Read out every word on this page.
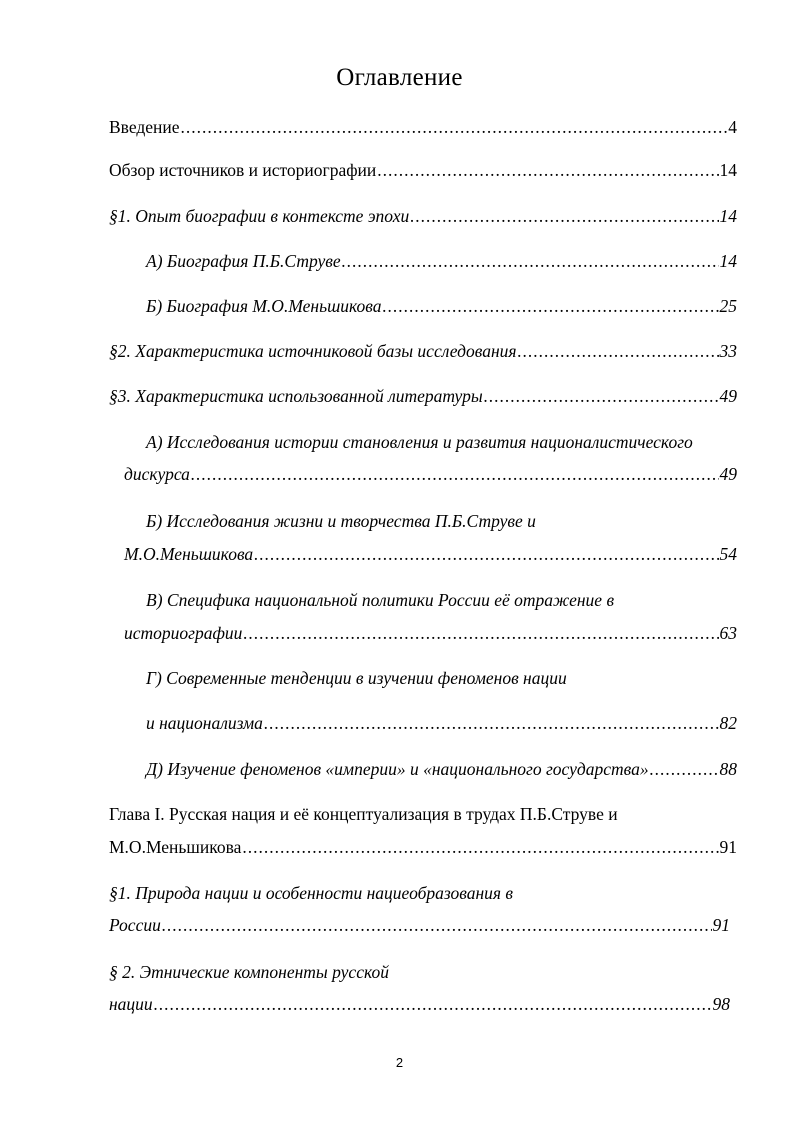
Оглавление
Введение .....	4
Обзор источников и историографии .....	14
§1. Опыт биографии в контексте эпохи .....	14
А) Биография П.Б.Струве .....	14
Б) Биография М.О.Меньшикова .....	25
§2. Характеристика источниковой базы исследования .....	33
§3. Характеристика использованной литературы .....	49
А) Исследования истории становления и развития националистического
дискурса .....	49
Б) Исследования жизни и творчества П.Б.Струве и
М.О.Меньшикова .....	54
В) Специфика национальной политики России её отражение в
историографии .....	63
Г) Современные тенденции в изучении феноменов нации
и национализма .....	82
Д) Изучение феноменов «империи» и «национального государства» .....	88
Глава I. Русская нация и её концептуализация в трудах П.Б.Струве и
М.О.Меньшикова .....	91
§1. Природа нации и особенности нациеобразования в
России .....	91
§ 2. Этнические компоненты русской
нации .....	98
2
